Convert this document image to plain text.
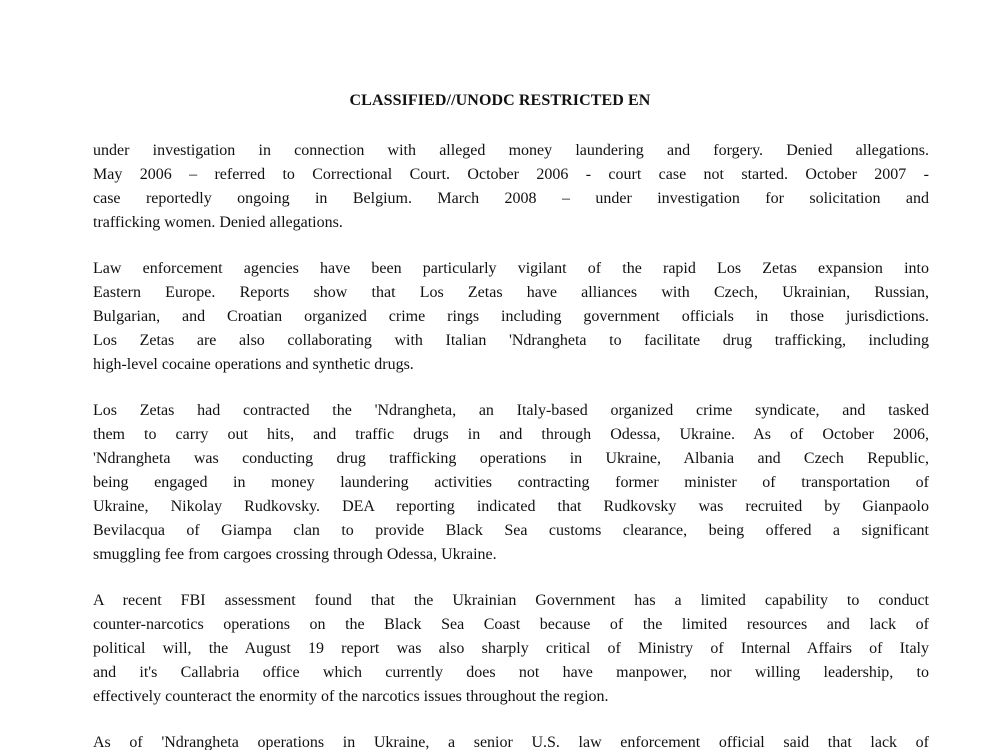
CLASSIFIED//UNODC RESTRICTED EN
under investigation in connection with alleged money laundering and forgery. Denied allegations.
May 2006 – referred to Correctional Court. October 2006 - court case not started. October 2007 -
case reportedly ongoing in Belgium. March 2008 – under investigation for solicitation and
trafficking women. Denied allegations.
Law enforcement agencies have been particularly vigilant of the rapid Los Zetas expansion into
Eastern Europe. Reports show that Los Zetas have alliances with Czech, Ukrainian, Russian,
Bulgarian, and Croatian organized crime rings including government officials in those jurisdictions.
Los Zetas are also collaborating with Italian 'Ndrangheta to facilitate drug trafficking, including
high-level cocaine operations and synthetic drugs.
Los Zetas had contracted the 'Ndrangheta, an Italy-based organized crime syndicate, and tasked
them to carry out hits, and traffic drugs in and through Odessa, Ukraine. As of October 2006,
'Ndrangheta was conducting drug trafficking operations in Ukraine, Albania and Czech Republic,
being engaged in money laundering activities contracting former minister of transportation of
Ukraine, Nikolay Rudkovsky. DEA reporting indicated that Rudkovsky was recruited by Gianpaolo
Bevilacqua of Giampa clan to provide Black Sea customs clearance, being offered a significant
smuggling fee from cargoes crossing through Odessa, Ukraine.
A recent FBI assessment found that the Ukrainian Government has a limited capability to conduct
counter-narcotics operations on the Black Sea Coast because of the limited resources and lack of
political will, the August 19 report was also sharply critical of Ministry of Internal Affairs of Italy
and it's Callabria office which currently does not have manpower, nor willing leadership, to
effectively counteract the enormity of the narcotics issues throughout the region.
As of 'Ndrangheta operations in Ukraine, a senior U.S. law enforcement official said that lack of
